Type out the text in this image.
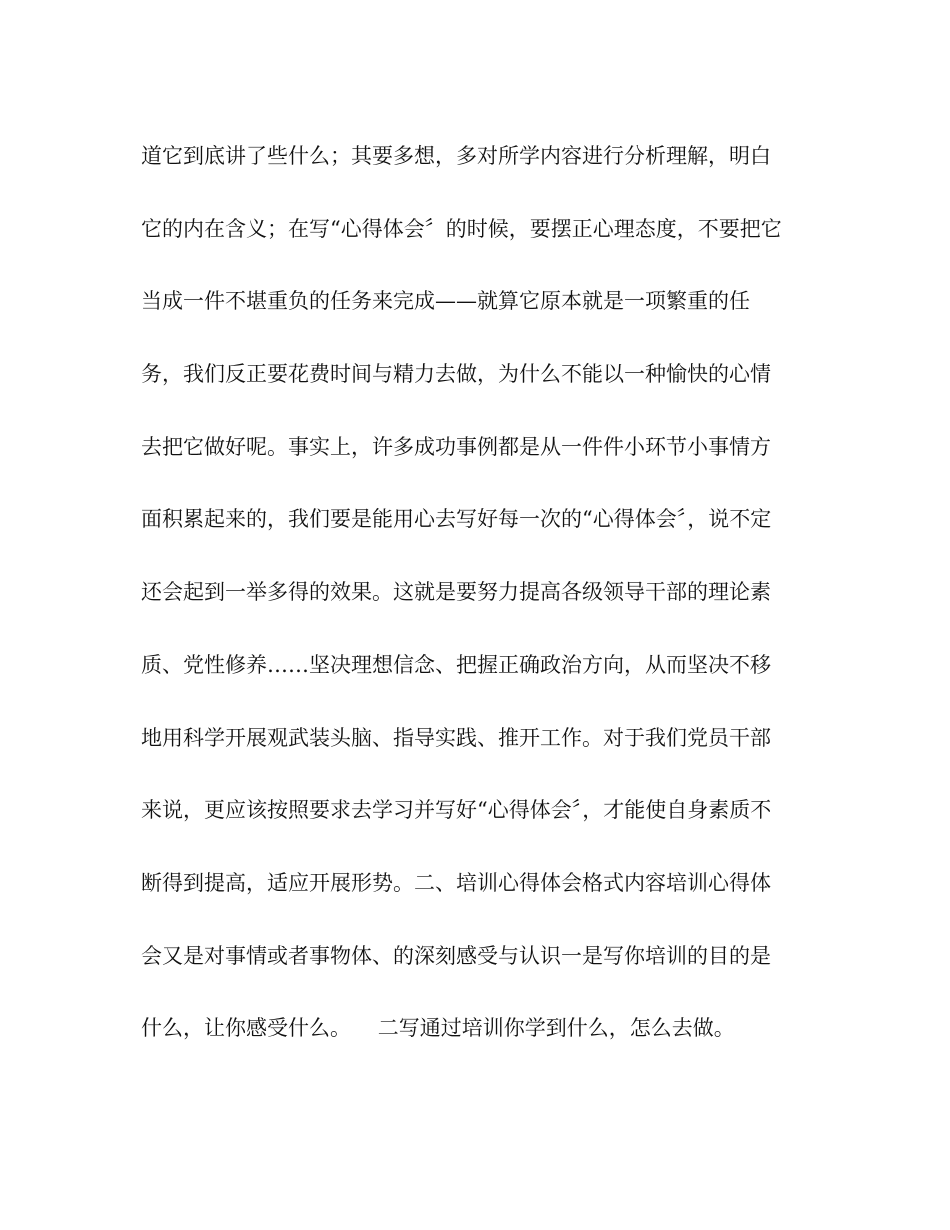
道它到底讲了些什么；其要多想，多对所学内容进行分析理解，明白
它的内在含义；在写“心得体会〞的时候，要摆正心理态度，不要把它
当成一件不堪重负的任务来完成——就算它原本就是一项繁重的任
务，我们反正要花费时间与精力去做，为什么不能以一种愉快的心情
去把它做好呢。事实上，许多成功事例都是从一件件小环节小事情方
面积累起来的，我们要是能用心去写好每一次的“心得体会〞，说不定
还会起到一举多得的效果。这就是要努力提高各级领导干部的理论素
质、党性修养……坚决理想信念、把握正确政治方向，从而坚决不移
地用科学开展观武装头脑、指导实践、推开工作。对于我们党员干部
来说，更应该按照要求去学习并写好“心得体会〞，才能使自身素质不
断得到提高，适应开展形势。二、培训心得体会格式内容培训心得体
会又是对事情或者事物体、的深刻感受与认识一是写你培训的目的是
什么，让你感受什么。    二写通过培训你学到什么，怎么去做。
